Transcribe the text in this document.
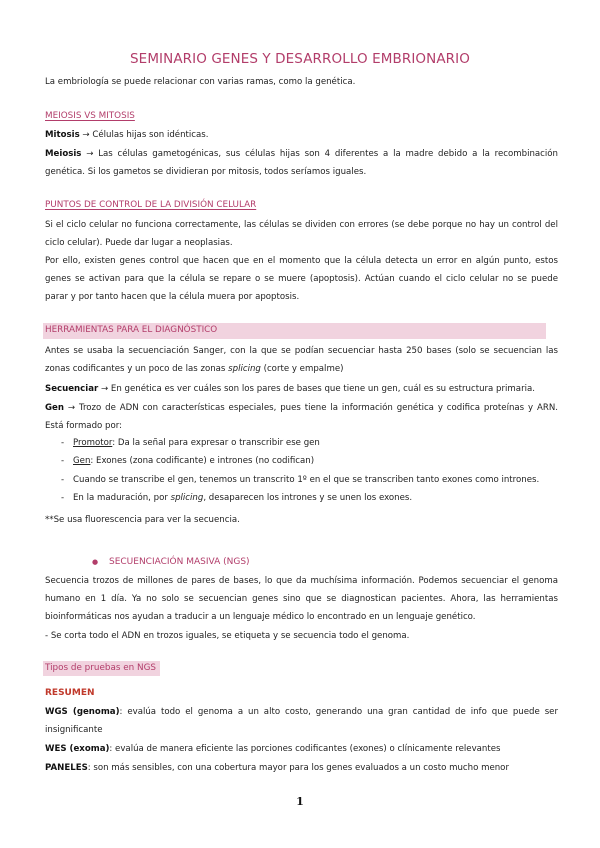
SEMINARIO GENES Y DESARROLLO EMBRIONARIO
La embriología se puede relacionar con varias ramas, como la genética.
MEIOSIS VS MITOSIS
Mitosis → Células hijas son idénticas.
Meiosis → Las células gametogénicas, sus células hijas son 4 diferentes a la madre debido a la recombinación genética. Si los gametos se dividieran por mitosis, todos seríamos iguales.
PUNTOS DE CONTROL DE LA DIVISIÓN CELULAR
Si el ciclo celular no funciona correctamente, las células se dividen con errores (se debe porque no hay un control del ciclo celular). Puede dar lugar a neoplasias.
Por ello, existen genes control que hacen que en el momento que la célula detecta un error en algún punto, estos genes se activan para que la célula se repare o se muere (apoptosis). Actúan cuando el ciclo celular no se puede parar y por tanto hacen que la célula muera por apoptosis.
HERRAMIENTAS PARA EL DIAGNÓSTICO
Antes se usaba la secuenciación Sanger, con la que se podían secuenciar hasta 250 bases (solo se secuencian las zonas codificantes y un poco de las zonas splicing (corte y empalme)
Secuenciar → En genética es ver cuáles son los pares de bases que tiene un gen, cuál es su estructura primaria.
Gen → Trozo de ADN con características especiales, pues tiene la información genética y codifica proteínas y ARN. Está formado por:
- Promotor: Da la señal para expresar o transcribir ese gen
- Gen: Exones (zona codificante) e intrones (no codifican)
- Cuando se transcribe el gen, tenemos un transcrito 1º en el que se transcriben tanto exones como intrones.
- En la maduración, por splicing, desaparecen los intrones y se unen los exones.
**Se usa fluorescencia para ver la secuencia.
● SECUENCIACIÓN MASIVA (NGS)
Secuencia trozos de millones de pares de bases, lo que da muchísima información. Podemos secuenciar el genoma humano en 1 día. Ya no solo se secuencian genes sino que se diagnostican pacientes. Ahora, las herramientas bioinformáticas nos ayudan a traducir a un lenguaje médico lo encontrado en un lenguaje genético.
- Se corta todo el ADN en trozos iguales, se etiqueta y se secuencia todo el genoma.
Tipos de pruebas en NGS
RESUMEN
WGS (genoma): evalúa todo el genoma a un alto costo, generando una gran cantidad de info que puede ser insignificante
WES (exoma): evalúa de manera eficiente las porciones codificantes (exones) o clínicamente relevantes
PANELES: son más sensibles, con una cobertura mayor para los genes evaluados a un costo mucho menor
1
